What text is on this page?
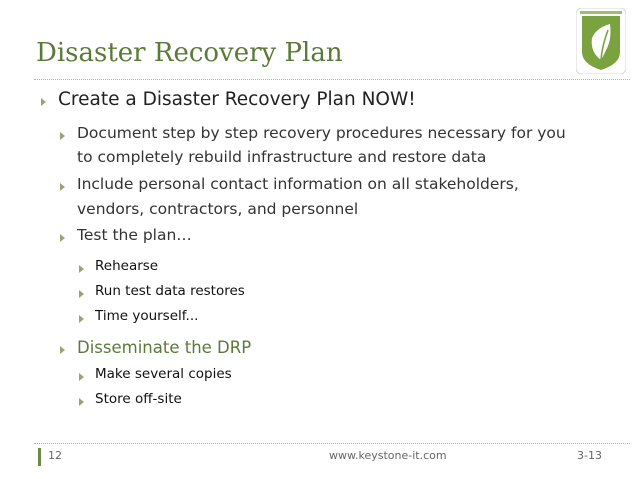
Disaster Recovery Plan
Create a Disaster Recovery Plan NOW!
Document step by step recovery procedures necessary for you
to completely rebuild infrastructure and restore data
Include personal contact information on all stakeholders,
vendors, contractors, and personnel
Test the plan…
Rehearse
Run test data restores
Time yourself...
Disseminate the DRP
Make several copies
Store off-site
12	www.keystone-it.com	3-13
